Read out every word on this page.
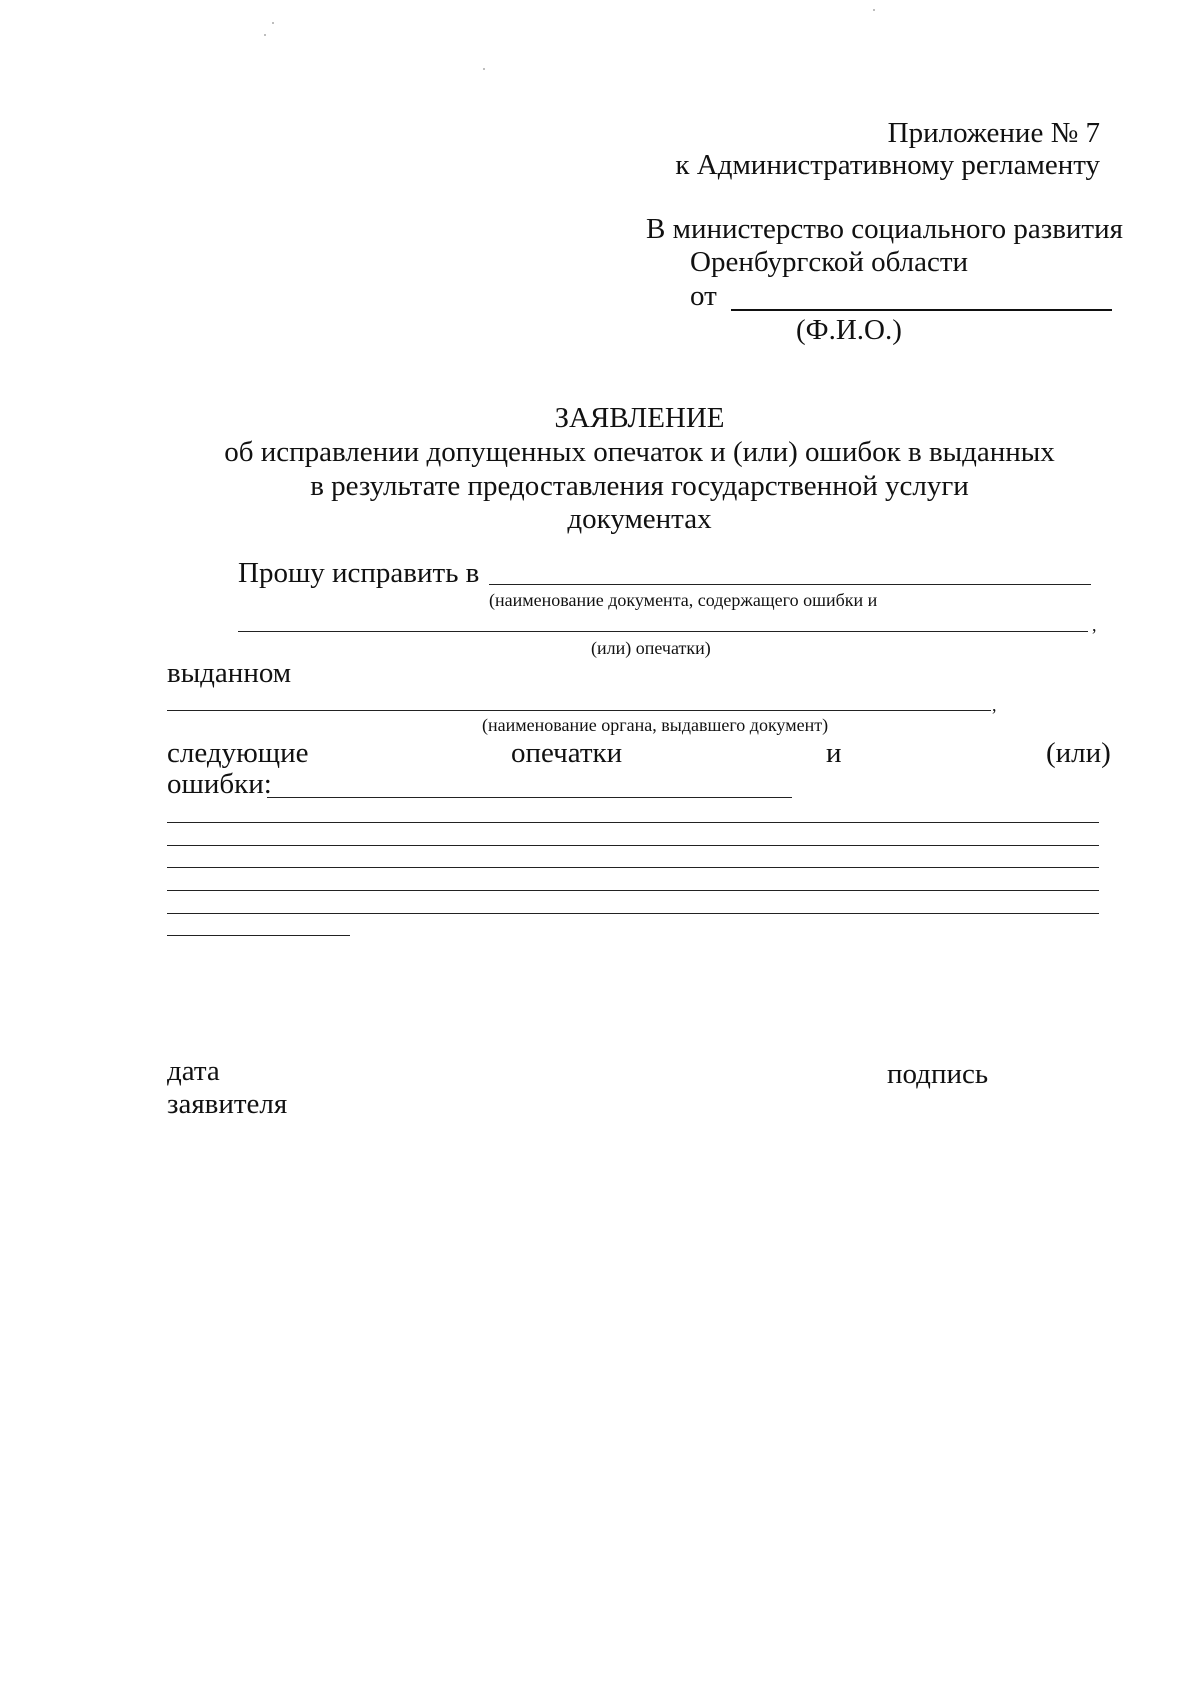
Приложение № 7
к Административному регламенту
В министерство социального развития
Оренбургской области
от
(Ф.И.О.)
ЗАЯВЛЕНИЕ
об исправлении допущенных опечаток и (или) ошибок в выданных
в результате предоставления государственной услуги
документах
Прошу исправить в
(наименование документа, содержащего ошибки и
,
(или) опечатки)
выданном
,
(наименование органа, выдавшего документ)
следующие	опечатки	и	(или)
ошибки:
дата
заявителя
подпись
